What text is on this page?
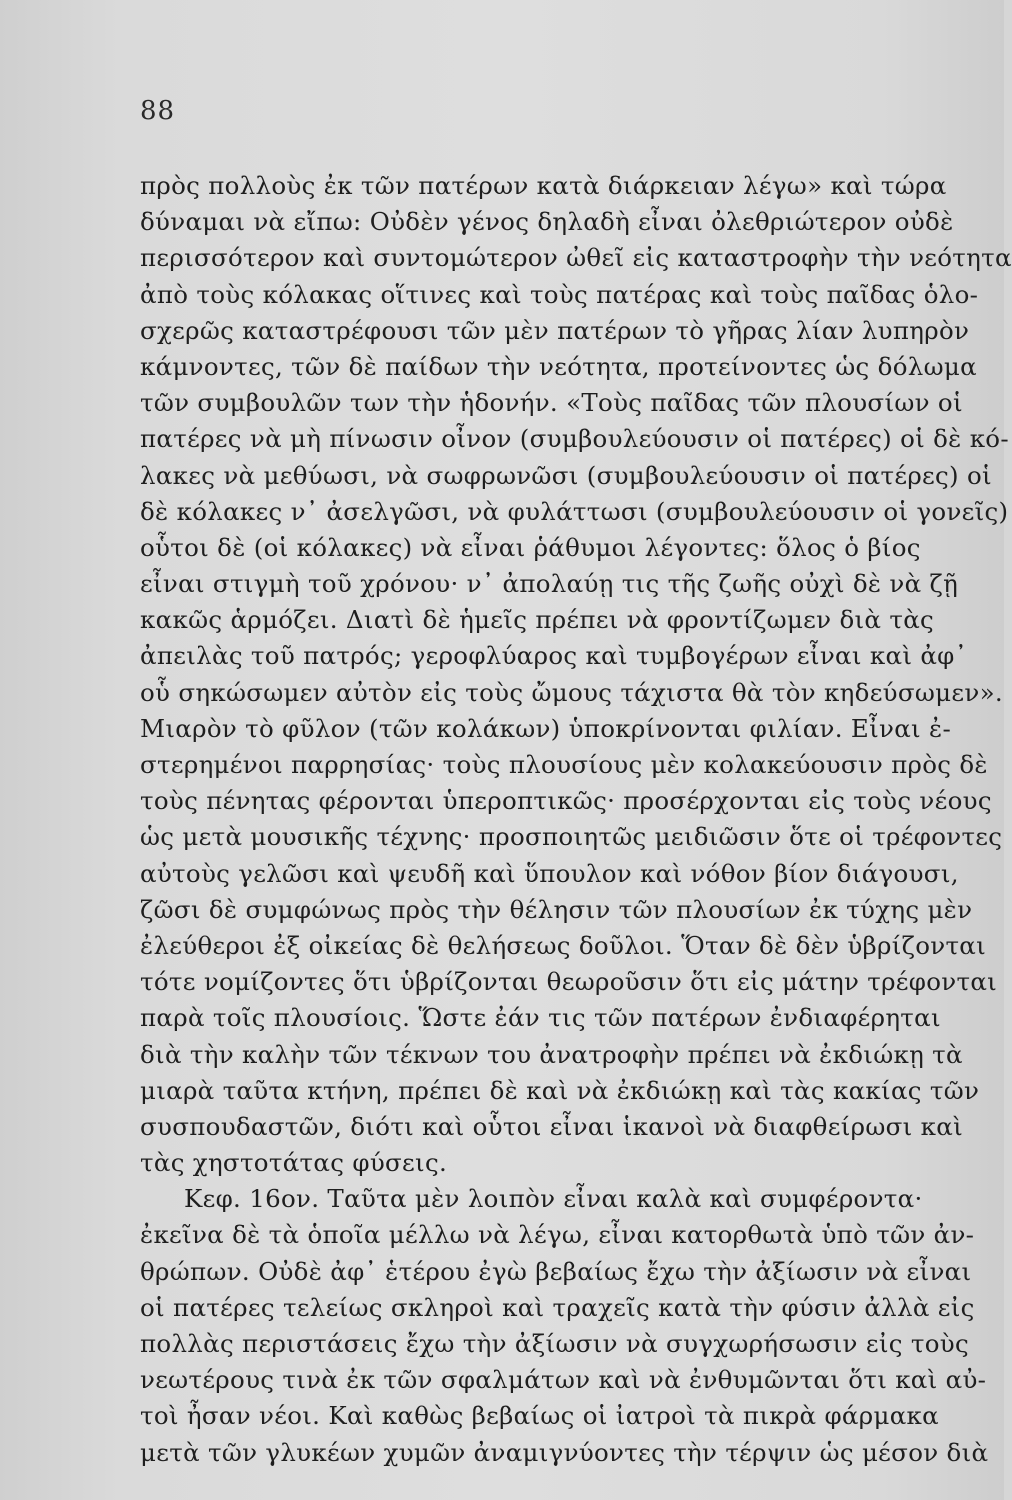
88
πρὸς πολλοὺς ἐκ τῶν πατέρων κατὰ διάρκειαν λέγω» καὶ τώρα
δύναμαι νὰ εἴπω: Οὐδὲν γένος δηλαδὴ εἶναι ὀλεθριώτερον οὐδὲ
περισσότερον καὶ συντομώτερον ὠθεῖ εἰς καταστροφὴν τὴν νεότητα
ἀπὸ τοὺς κόλακας οἵτινες καὶ τοὺς πατέρας καὶ τοὺς παῖδας ὁλο-
σχερῶς καταστρέφουσι τῶν μὲν πατέρων τὸ γῆρας λίαν λυπηρὸν
κάμνοντες, τῶν δὲ παίδων τὴν νεότητα, προτείνοντες ὡς δόλωμα
τῶν συμβουλῶν των τὴν ἡδονήν. «Τοὺς παῖδας τῶν πλουσίων οἱ
πατέρες νὰ μὴ πίνωσιν οἶνον (συμβουλεύουσιν οἱ πατέρες) οἱ δὲ κό-
λακες νὰ μεθύωσι, νὰ σωφρωνῶσι (συμβουλεύουσιν οἱ πατέρες) οἱ
δὲ κόλακες ν᾽ ἀσελγῶσι, νὰ φυλάττωσι (συμβουλεύουσιν οἱ γονεῖς)
οὗτοι δὲ (οἱ κόλακες) νὰ εἶναι ῥάθυμοι λέγοντες: ὅλος ὁ βίος
εἶναι στιγμὴ τοῦ χρόνου· ν᾽ ἀπολαύῃ τις τῆς ζωῆς οὐχὶ δὲ νὰ ζῇ
κακῶς ἁρμόζει. Διατὶ δὲ ἡμεῖς πρέπει νὰ φροντίζωμεν διὰ τὰς
ἀπειλὰς τοῦ πατρός; γεροφλύαρος καὶ τυμβογέρων εἶναι καὶ ἀφ᾽
οὗ σηκώσωμεν αὐτὸν εἰς τοὺς ὤμους τάχιστα θὰ τὸν κηδεύσωμεν».
Μιαρὸν τὸ φῦλον (τῶν κολάκων) ὑποκρίνονται φιλίαν. Εἶναι ἐ-
στερημένοι παρρησίας· τοὺς πλουσίους μὲν κολακεύουσιν πρὸς δὲ
τοὺς πένητας φέρονται ὑπεροπτικῶς· προσέρχονται εἰς τοὺς νέους
ὡς μετὰ μουσικῆς τέχνης· προσποιητῶς μειδιῶσιν ὅτε οἱ τρέφοντες
αὐτοὺς γελῶσι καὶ ψευδῆ καὶ ὕπουλον καὶ νόθον βίον διάγουσι,
ζῶσι δὲ συμφώνως πρὸς τὴν θέλησιν τῶν πλουσίων ἐκ τύχης μὲν
ἐλεύθεροι ἐξ οἰκείας δὲ θελήσεως δοῦλοι. Ὅταν δὲ δὲν ὑβρίζονται
τότε νομίζοντες ὅτι ὑβρίζονται θεωροῦσιν ὅτι εἰς μάτην τρέφονται
παρὰ τοῖς πλουσίοις. Ὥστε ἐάν τις τῶν πατέρων ἐνδιαφέρηται
διὰ τὴν καλὴν τῶν τέκνων του ἀνατροφὴν πρέπει νὰ ἐκδιώκῃ τὰ
μιαρὰ ταῦτα κτήνη, πρέπει δὲ καὶ νὰ ἐκδιώκῃ καὶ τὰς κακίας τῶν
συσπουδαστῶν, διότι καὶ οὗτοι εἶναι ἱκανοὶ νὰ διαφθείρωσι καὶ
τὰς χηστοτάτας φύσεις.
Κεφ. 16ον. Ταῦτα μὲν λοιπὸν εἶναι καλὰ καὶ συμφέροντα·
ἐκεῖνα δὲ τὰ ὁποῖα μέλλω νὰ λέγω, εἶναι κατορθωτὰ ὑπὸ τῶν ἀν-
θρώπων. Οὐδὲ ἀφ᾽ ἑτέρου ἐγὼ βεβαίως ἔχω τὴν ἀξίωσιν νὰ εἶναι
οἱ πατέρες τελείως σκληροὶ καὶ τραχεῖς κατὰ τὴν φύσιν ἀλλὰ εἰς
πολλὰς περιστάσεις ἔχω τὴν ἀξίωσιν νὰ συγχωρήσωσιν εἰς τοὺς
νεωτέρους τινὰ ἐκ τῶν σφαλμάτων καὶ νὰ ἐνθυμῶνται ὅτι καὶ αὐ-
τοὶ ἦσαν νέοι. Καὶ καθὼς βεβαίως οἱ ἰατροὶ τὰ πικρὰ φάρμακα
μετὰ τῶν γλυκέων χυμῶν ἀναμιγνύοντες τὴν τέρψιν ὡς μέσον διὰ
